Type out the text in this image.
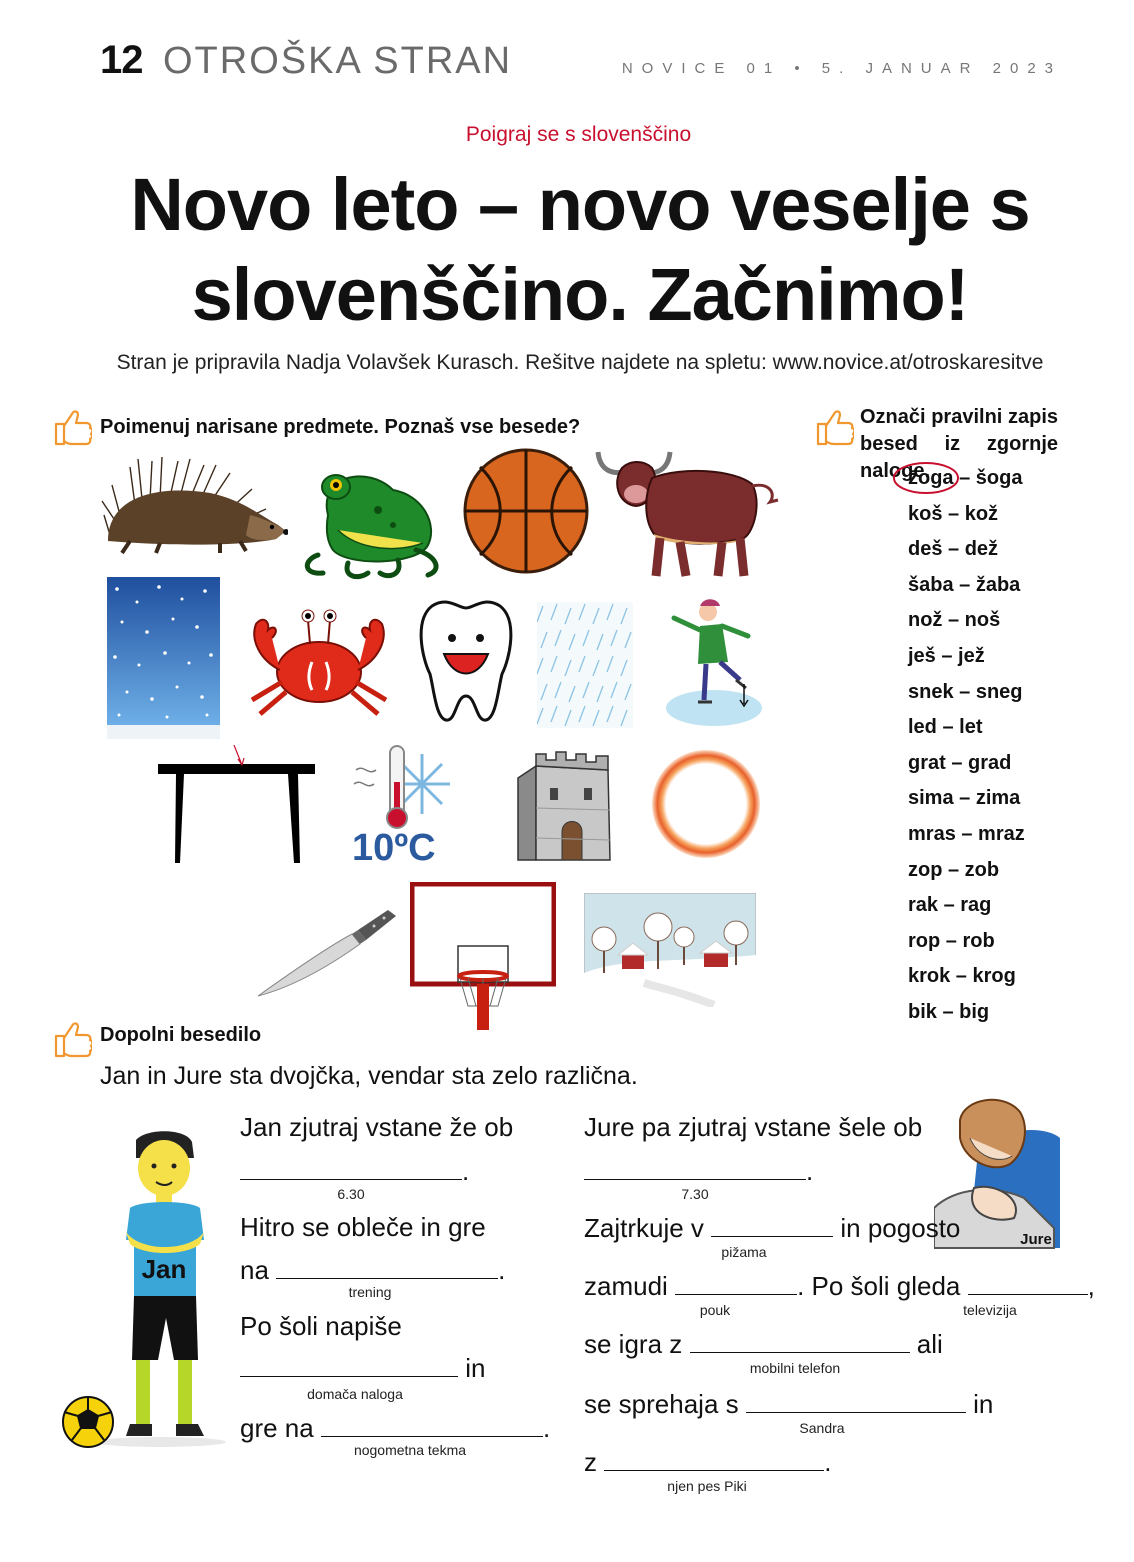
12 OTROŠKA STRAN	NOVICE 01 • 5. JANUAR 2023
Poigraj se s slovenščino
Novo leto – novo veselje s slovenščino. Začnimo!
Stran je pripravila Nadja Volavšek Kurasch. Rešitve najdete na spletu: www.novice.at/otroskaresitve
Poimenuj narisane predmete. Poznaš vse besede?
10ºC
Označi pravilni zapis besed iz zgornje naloge.
žoga – šoga
koš – kož
deš – dež
šaba – žaba
nož – noš
ješ – jež
snek – sneg
led – let
grat – grad
sima – zima
mras – mraz
zop – zob
rak – rag
rop – rob
krok – krog
bik – big
Dopolni besedilo
Jan in Jure sta dvojčka, vendar sta zelo različna.
Jan
Jure
Jan zjutraj vstane že ob
.
6.30
Hitro se obleče in gre
na	.
trening
Po šoli napiše
in
domača naloga
gre na	.
nogometna tekma
Jure pa zjutraj vstane šele ob
.
7.30
Zajtrkuje v	in pogosto
pižama
zamudi	. Po šoli gleda	,
pouk	televizija
se igra z	ali
mobilni telefon
se sprehaja s	in
Sandra
z	.
njen pes Piki
